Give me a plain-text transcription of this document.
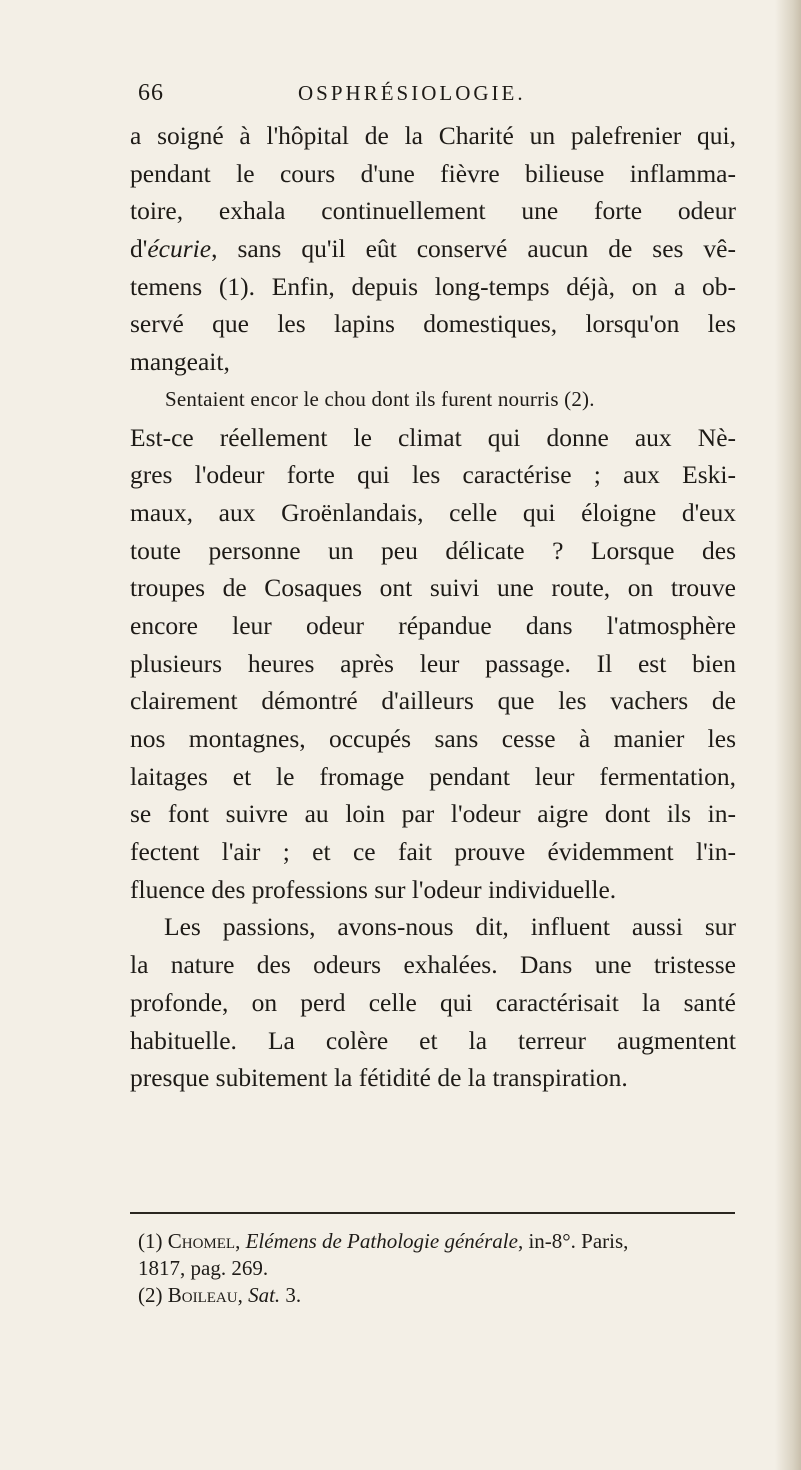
66	OSPHRÉSIOLOGIE.
a soigné à l'hôpital de la Charité un palefrenier qui,
pendant le cours d'une fièvre bilieuse inflamma-
toire, exhala continuellement une forte odeur
d'écurie, sans qu'il eût conservé aucun de ses vê-
temens (1). Enfin, depuis long-temps déjà, on a ob-
servé que les lapins domestiques, lorsqu'on les
mangeait,
Sentaient encor le chou dont ils furent nourris (2).
Est-ce réellement le climat qui donne aux Nè-
gres l'odeur forte qui les caractérise ; aux Eski-
maux, aux Groënlandais, celle qui éloigne d'eux
toute personne un peu délicate ? Lorsque des
troupes de Cosaques ont suivi une route, on trouve
encore leur odeur répandue dans l'atmosphère
plusieurs heures après leur passage. Il est bien
clairement démontré d'ailleurs que les vachers de
nos montagnes, occupés sans cesse à manier les
laitages et le fromage pendant leur fermentation,
se font suivre au loin par l'odeur aigre dont ils in-
fectent l'air ; et ce fait prouve évidemment l'in-
fluence des professions sur l'odeur individuelle.
Les passions, avons-nous dit, influent aussi sur
la nature des odeurs exhalées. Dans une tristesse
profonde, on perd celle qui caractérisait la santé
habituelle. La colère et la terreur augmentent
presque subitement la fétidité de la transpiration.
(1) Chomel, Elémens de Pathologie générale, in-8°. Paris,
1817, pag. 269.
(2) Boileau, Sat. 3.
